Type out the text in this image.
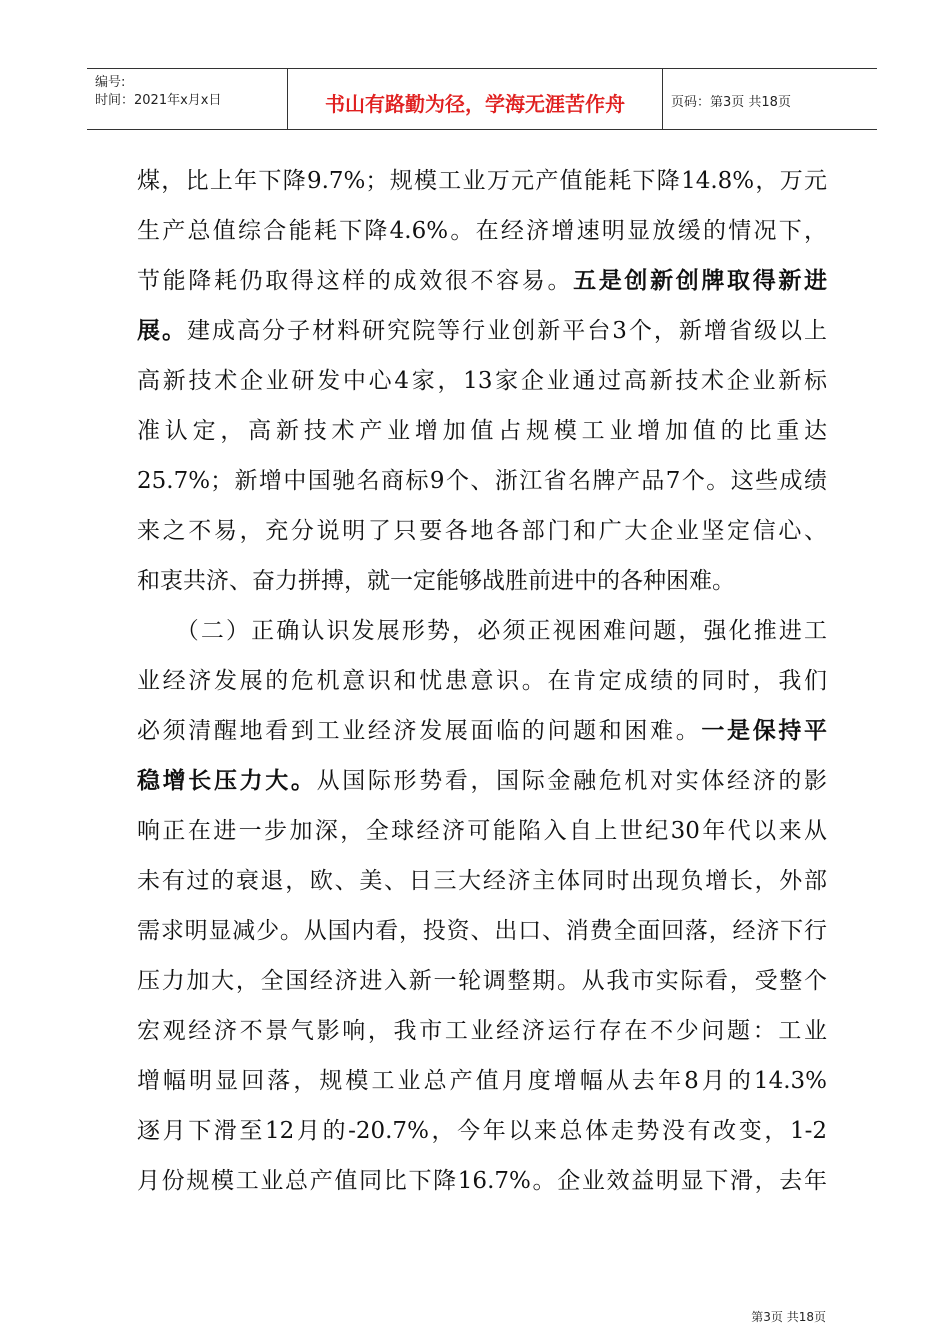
编号:
时间：2021年x月x日	书山有路勤为径，学海无涯苦作舟	页码：第3页 共18页
煤，比上年下降9.7%；规模工业万元产值能耗下降14.8%，万元
生产总值综合能耗下降4.6%。在经济增速明显放缓的情况下，
节能降耗仍取得这样的成效很不容易。五是创新创牌取得新进
展。建成高分子材料研究院等行业创新平台3个，新增省级以上
高新技术企业研发中心4家，13家企业通过高新技术企业新标
准认定，高新技术产业增加值占规模工业增加值的比重达
25.7%；新增中国驰名商标9个、浙江省名牌产品7个。这些成绩
来之不易，充分说明了只要各地各部门和广大企业坚定信心、
和衷共济、奋力拼搏，就一定能够战胜前进中的各种困难。
　　（二）正确认识发展形势，必须正视困难问题，强化推进工
业经济发展的危机意识和忧患意识。在肯定成绩的同时，我们
必须清醒地看到工业经济发展面临的问题和困难。一是保持平
稳增长压力大。从国际形势看，国际金融危机对实体经济的影
响正在进一步加深，全球经济可能陷入自上世纪30年代以来从
未有过的衰退，欧、美、日三大经济主体同时出现负增长，外部
需求明显减少。从国内看，投资、出口、消费全面回落，经济下行
压力加大，全国经济进入新一轮调整期。从我市实际看，受整个
宏观经济不景气影响，我市工业经济运行存在不少问题：工业
增幅明显回落，规模工业总产值月度增幅从去年8月的14.3%
逐月下滑至12月的-20.7%，今年以来总体走势没有改变，1-2
月份规模工业总产值同比下降16.7%。企业效益明显下滑，去年
第3页 共18页
